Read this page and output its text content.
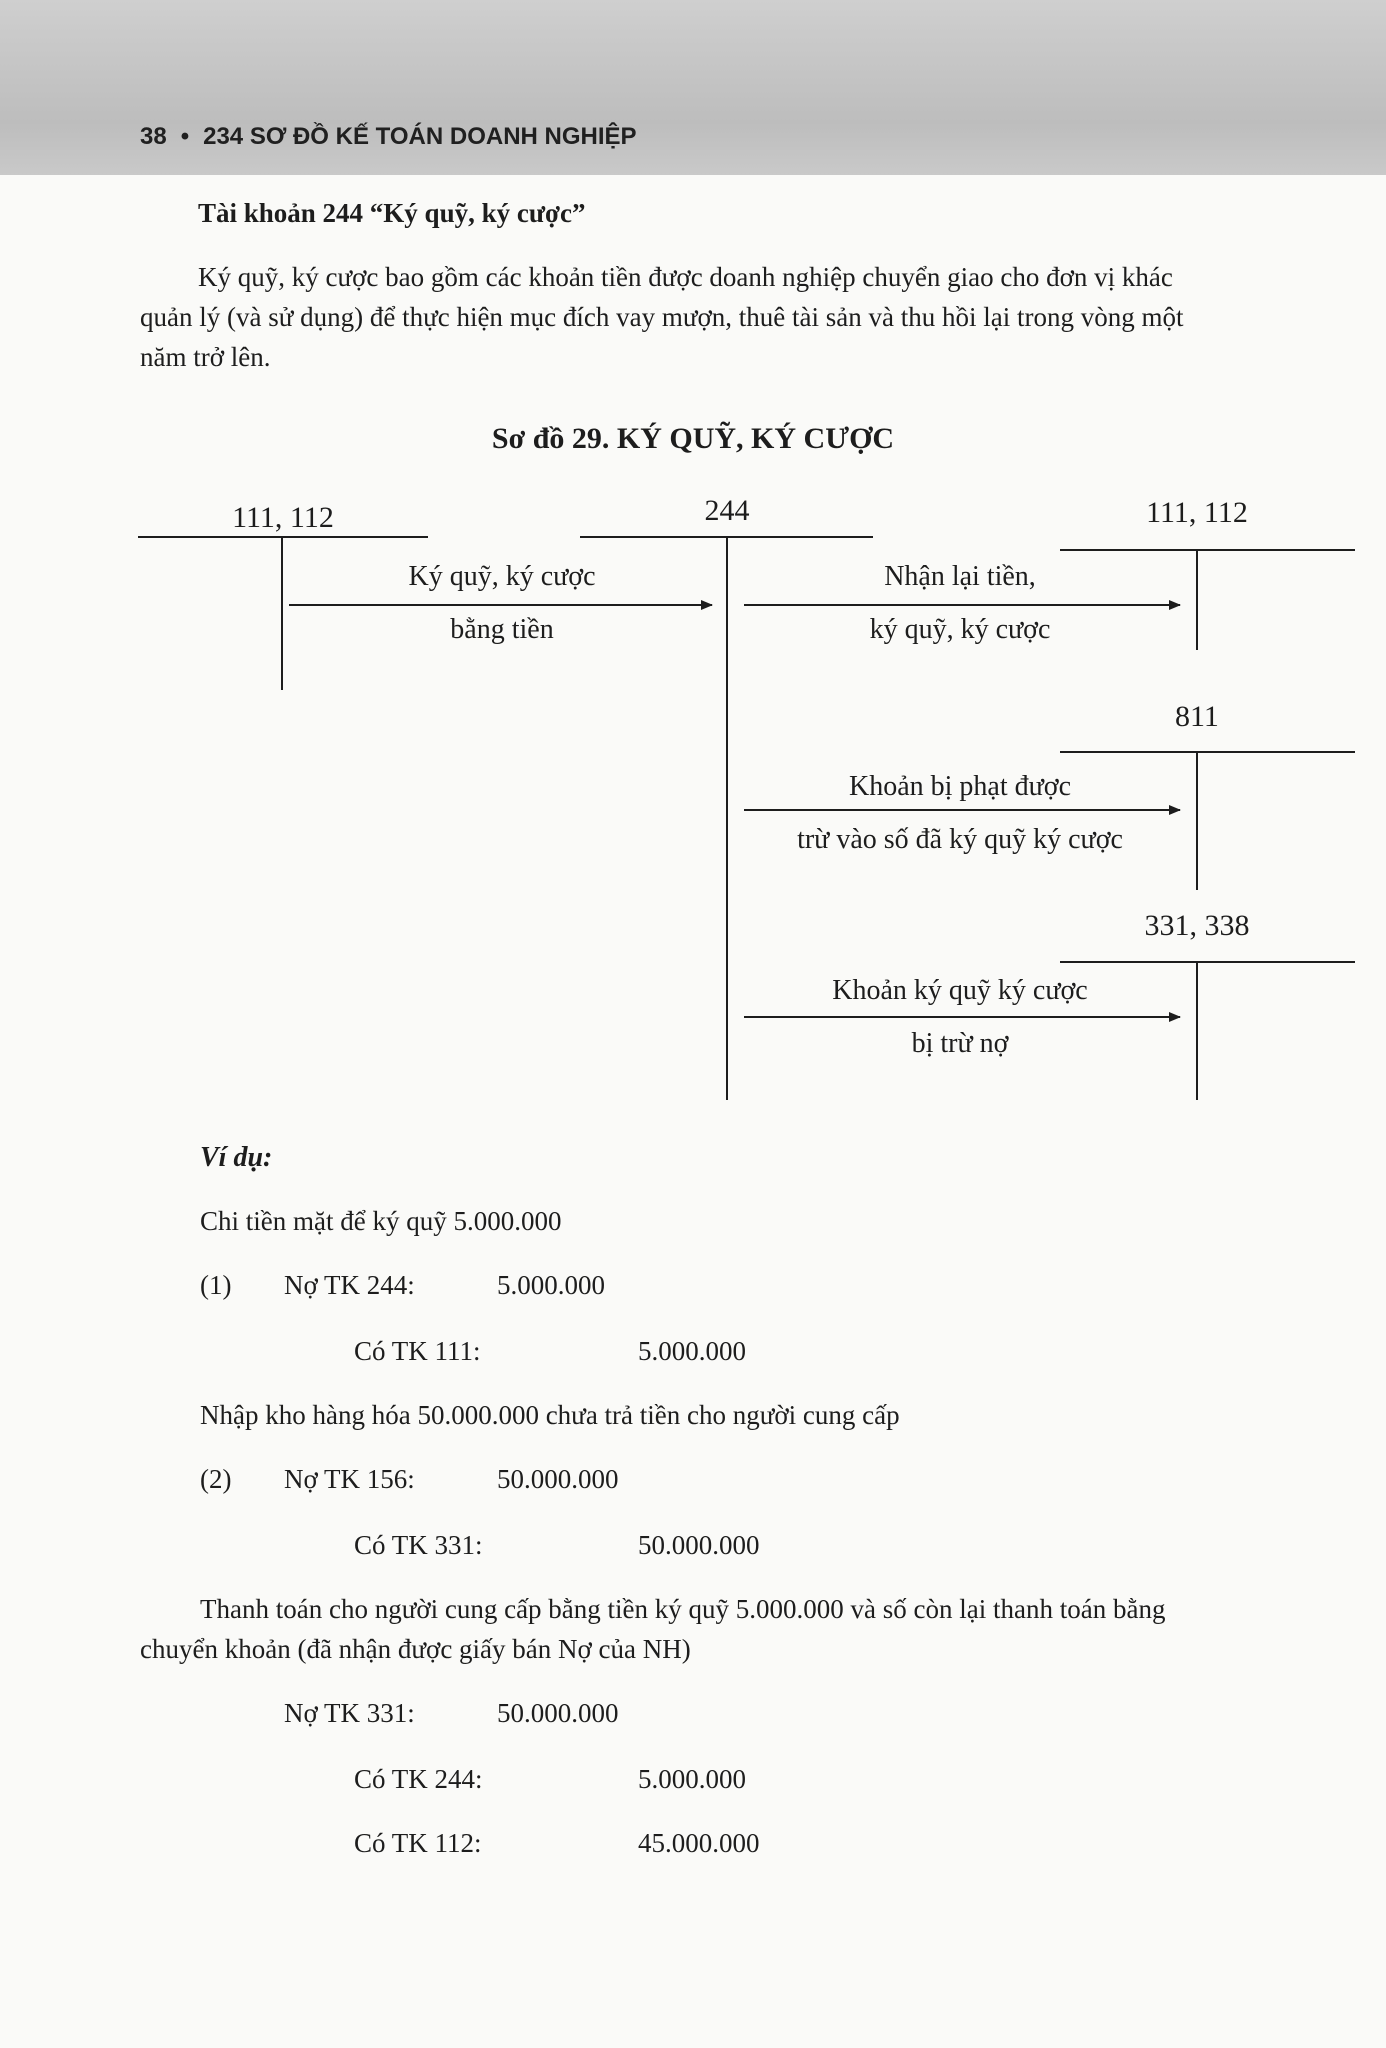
38 • 234 SƠ ĐỒ KẾ TOÁN DOANH NGHIỆP
Tài khoản 244 “Ký quỹ, ký cược”
Ký quỹ, ký cược bao gồm các khoản tiền được doanh nghiệp chuyển giao cho đơn vị khác
quản lý (và sử dụng) để thực hiện mục đích vay mượn, thuê tài sản và thu hồi lại trong vòng một
năm trở lên.
Sơ đồ 29. KÝ QUỸ, KÝ CƯỢC
111, 112	244	111, 112
811
331, 338
Ký quỹ, ký cược
bằng tiền
Nhận lại tiền,
ký quỹ, ký cược
Khoản bị phạt được
trừ vào số đã ký quỹ ký cược
Khoản ký quỹ ký cược
bị trừ nợ
Ví dụ:
Chi tiền mặt để ký quỹ 5.000.000
(1) Nợ TK 244:	5.000.000
Có TK 111:	5.000.000
Nhập kho hàng hóa 50.000.000 chưa trả tiền cho người cung cấp
(2) Nợ TK 156:	50.000.000
Có TK 331:	50.000.000
Thanh toán cho người cung cấp bằng tiền ký quỹ 5.000.000 và số còn lại thanh toán bằng
chuyển khoản (đã nhận được giấy bán Nợ của NH)
Nợ TK 331:	50.000.000
Có TK 244:	5.000.000
Có TK 112:	45.000.000
